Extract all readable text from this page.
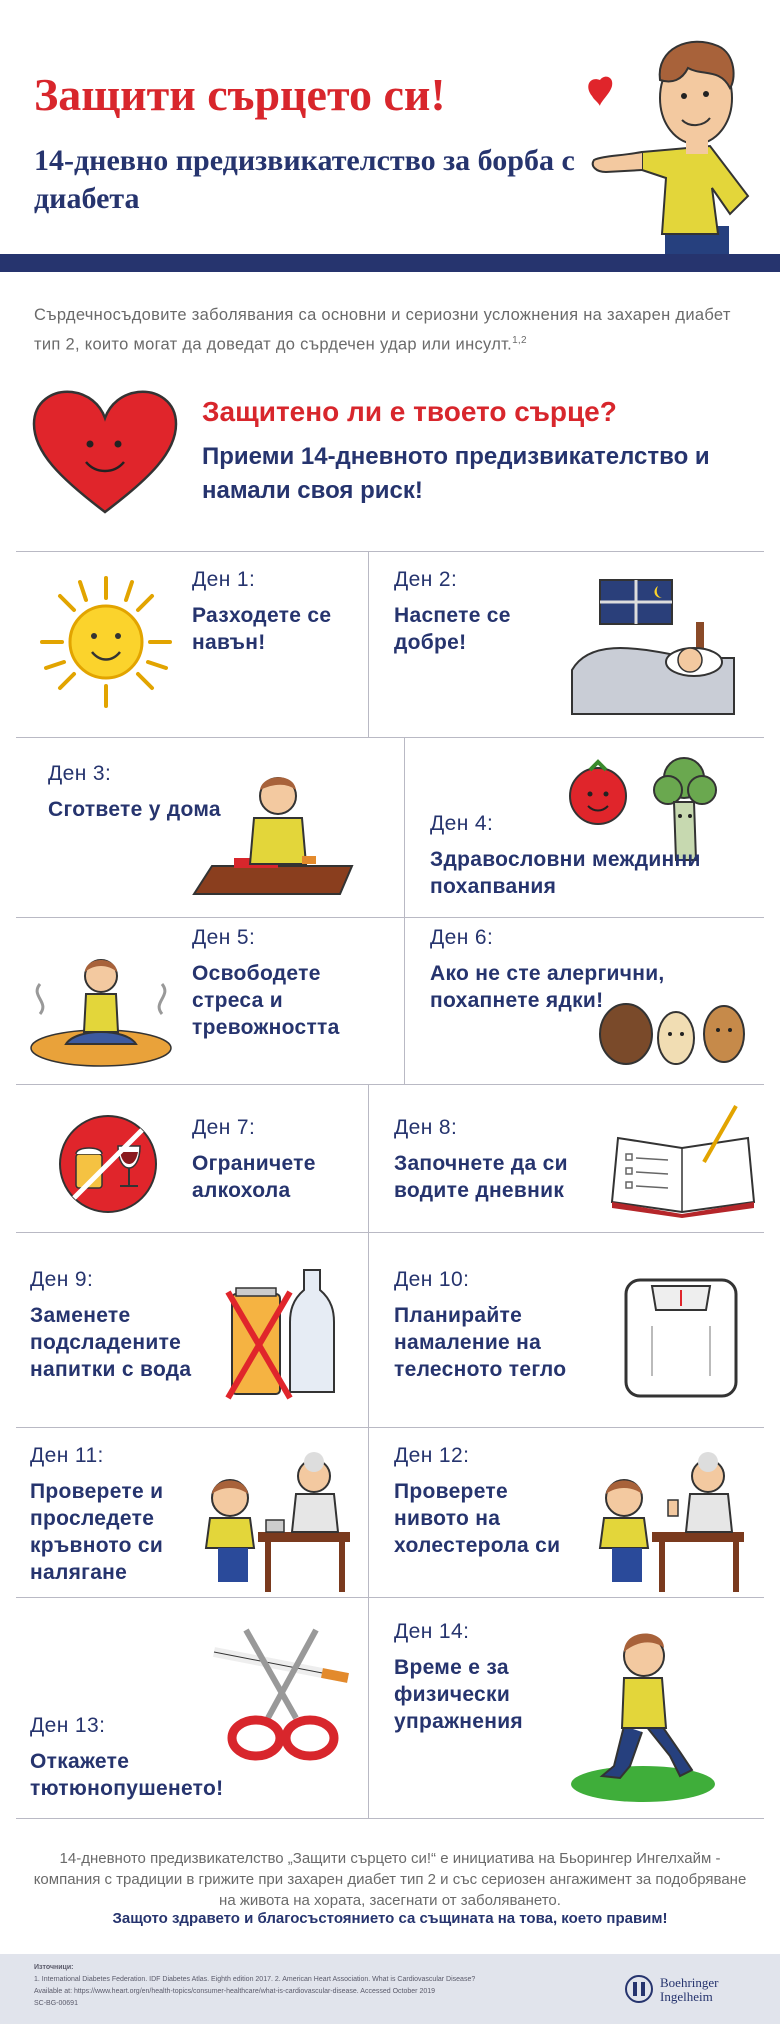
Защити сърцето си!
14-дневно предизвикателство за борба с диабета
Сърдечносъдовите заболявания са основни и сериозни усложнения на захарен диабет тип 2, които могат да доведат до сърдечен удар или инсулт.$^{1,2}$
Защитено ли е твоето сърце?
Приеми 14-дневното предизвикателство и намали своя риск!
Ден 1:
Разходете се навън!
Ден 2:
Наспете се добре!
Ден 3:
Сгответе у дома
Ден 4:
Здравословни междинни похапвания
Ден 5:
Освободете стреса и тревожността
Ден 6:
Ако не сте алергични, похапнете ядки!
Ден 7:
Ограничете алкохола
Ден 8:
Започнете да си водите дневник
Ден 9:
Заменете подсладените напитки с вода
Ден 10:
Планирайте намаление на телесното тегло
Ден 11:
Проверете и проследете кръвното си налягане
Ден 12:
Проверете нивото на холестерола си
Ден 13:
Откажете тютюнопушенето!
Ден 14:
Време е за физически упражнения
14-дневното предизвикателство „Защити сърцето си!“ е инициатива на Бьорингер Ингелхайм - компания с традиции в грижите при захарен диабет тип 2 и със сериозен ангажимент за подобряване на живота на хората, засегнати от заболяването.
Защото здравето и благосъстоянието са същината на това, което правим!
Източници:
1. International Diabetes Federation. IDF Diabetes Atlas. Eighth edition 2017. 2. American Heart Association. What is Cardiovascular Disease?
Available at: https://www.heart.org/en/health-topics/consumer-healthcare/what-is-cardiovascular-disease. Accessed October 2019
SC-BG-00691
Boehringer
Ingelheim
